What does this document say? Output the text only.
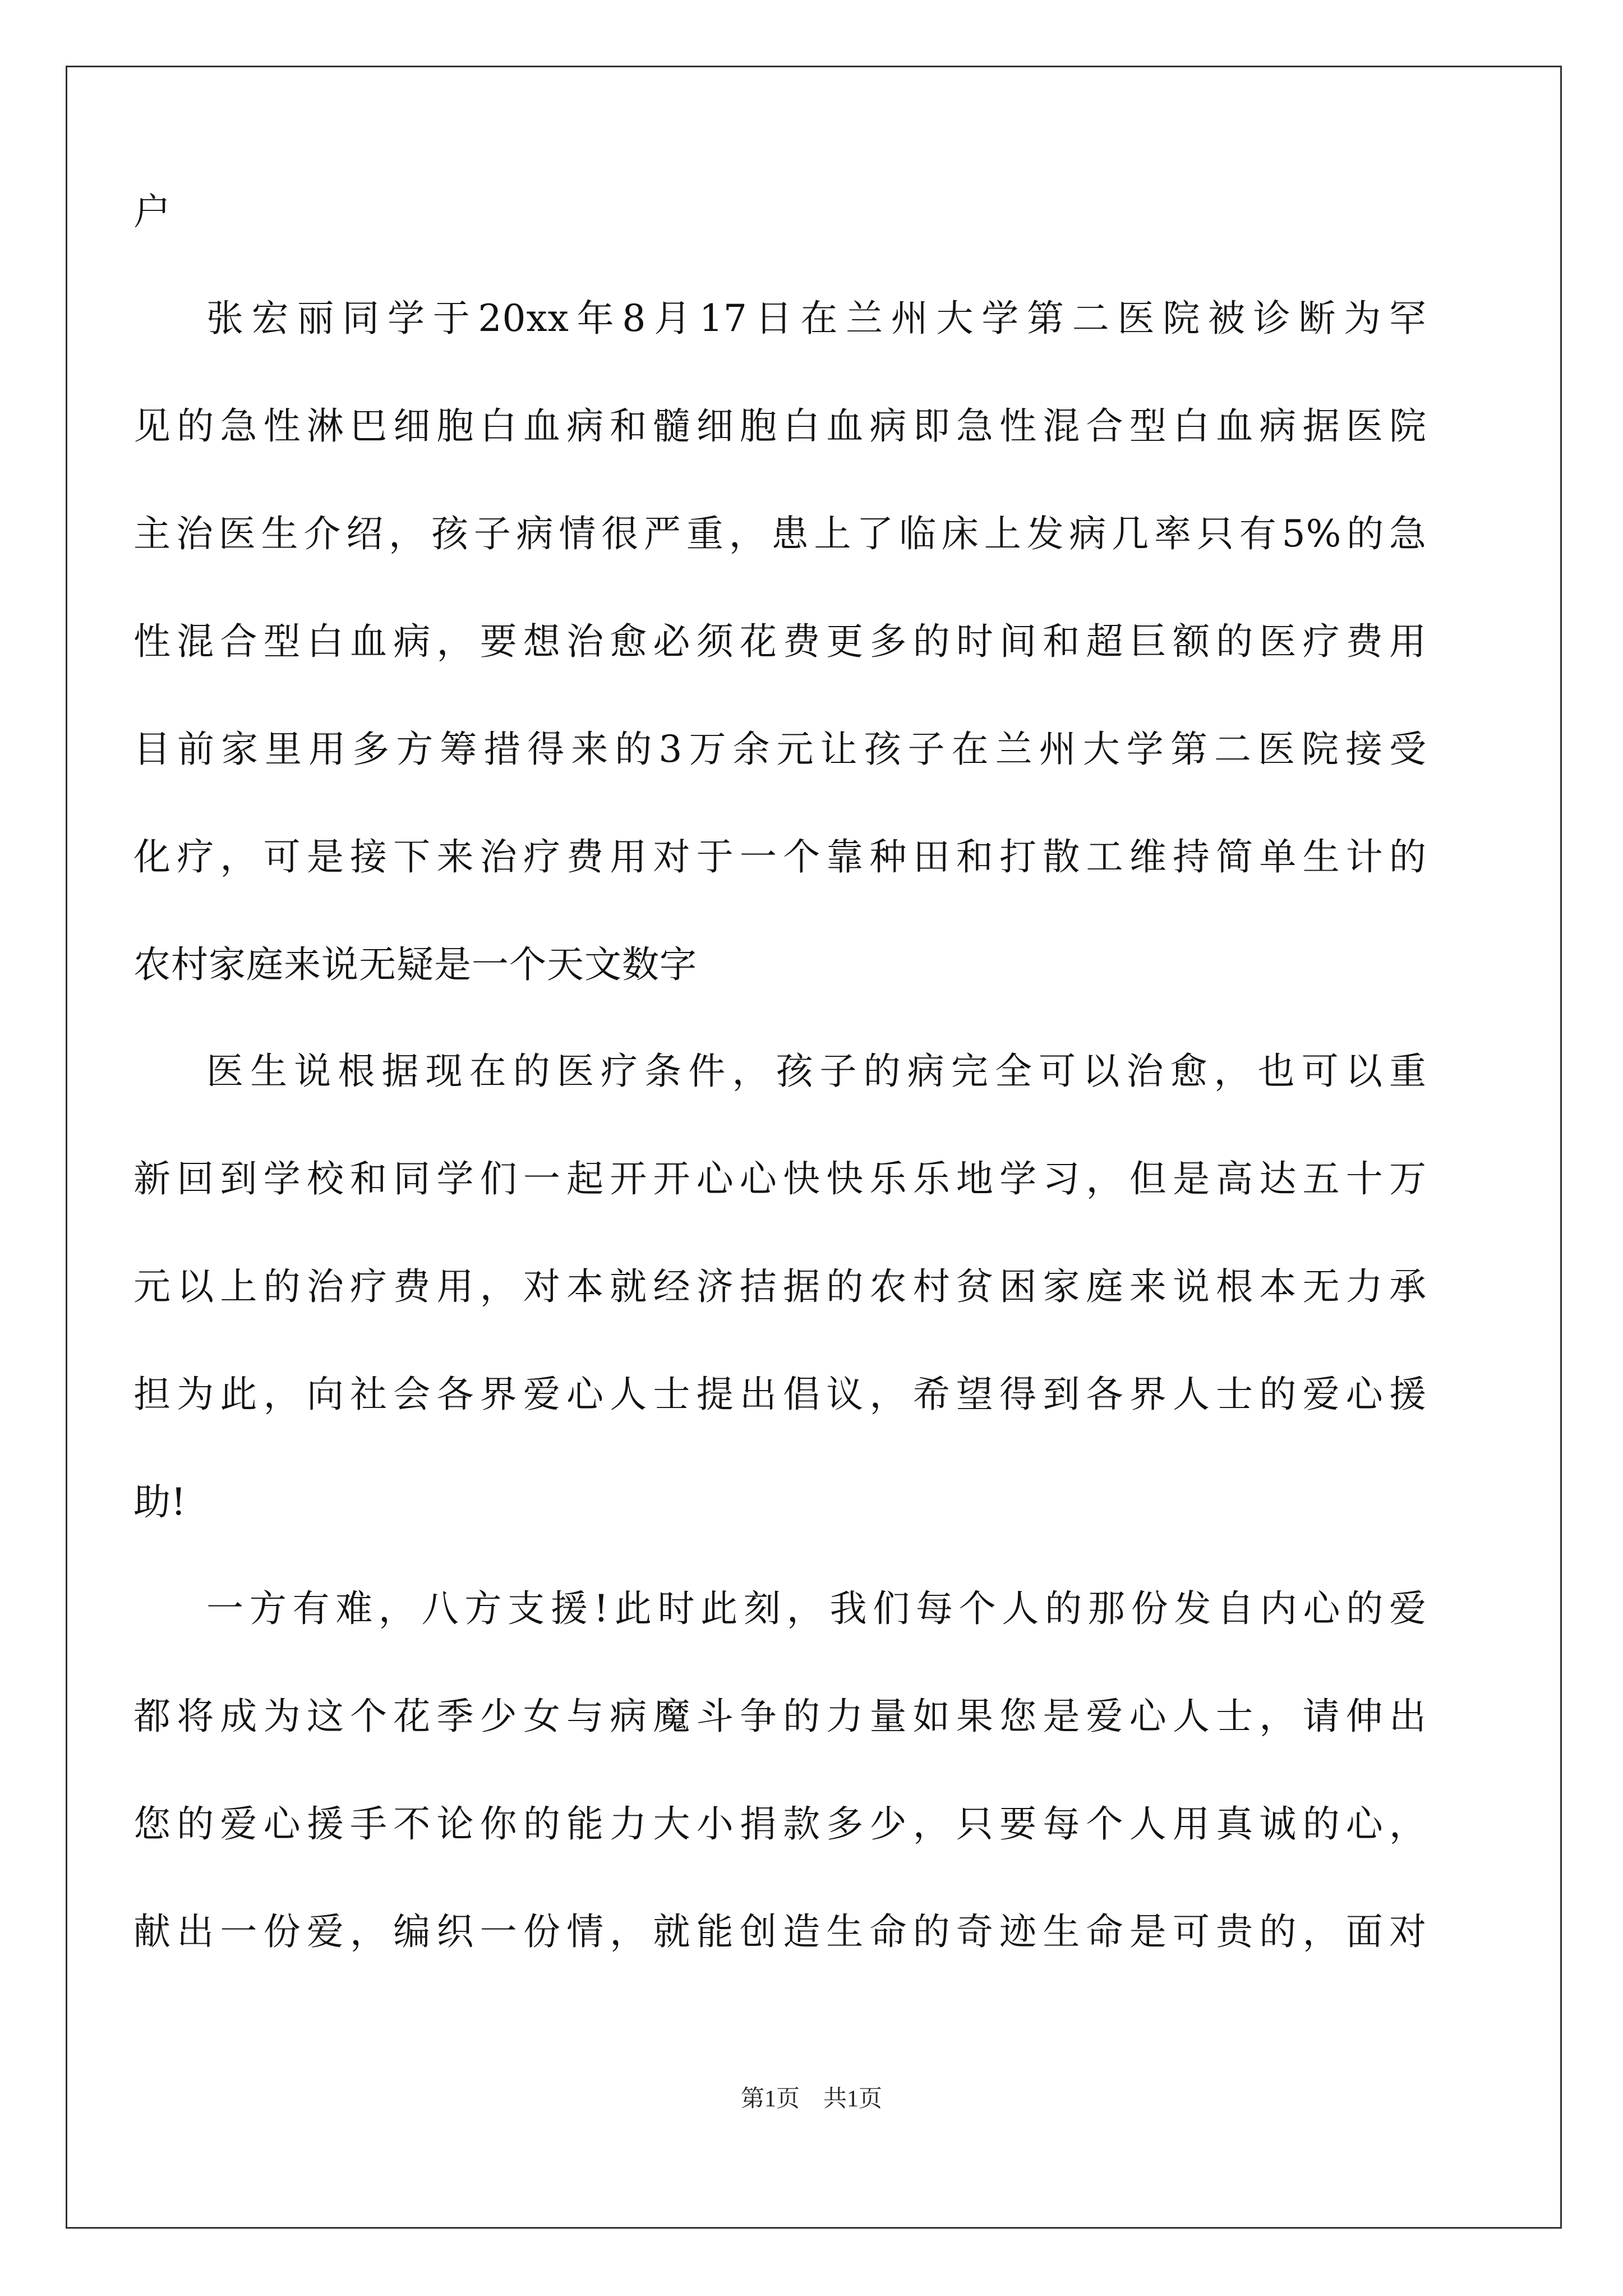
户
张宏丽同学于20xx年8月17日在兰州大学第二医院被诊断为罕
见的急性淋巴细胞白血病和髓细胞白血病即急性混合型白血病据医院
主治医生介绍，孩子病情很严重，患上了临床上发病几率只有5%的急
性混合型白血病，要想治愈必须花费更多的时间和超巨额的医疗费用
目前家里用多方筹措得来的3万余元让孩子在兰州大学第二医院接受
化疗，可是接下来治疗费用对于一个靠种田和打散工维持简单生计的
农村家庭来说无疑是一个天文数字
医生说根据现在的医疗条件，孩子的病完全可以治愈，也可以重
新回到学校和同学们一起开开心心快快乐乐地学习，但是高达五十万
元以上的治疗费用，对本就经济拮据的农村贫困家庭来说根本无力承
担为此，向社会各界爱心人士提出倡议，希望得到各界人士的爱心援
助!
一方有难，八方支援!此时此刻，我们每个人的那份发自内心的爱
都将成为这个花季少女与病魔斗争的力量如果您是爱心人士，请伸出
您的爱心援手不论你的能力大小捐款多少，只要每个人用真诚的心，
献出一份爱，编织一份情，就能创造生命的奇迹生命是可贵的，面对
第1页　共1页
